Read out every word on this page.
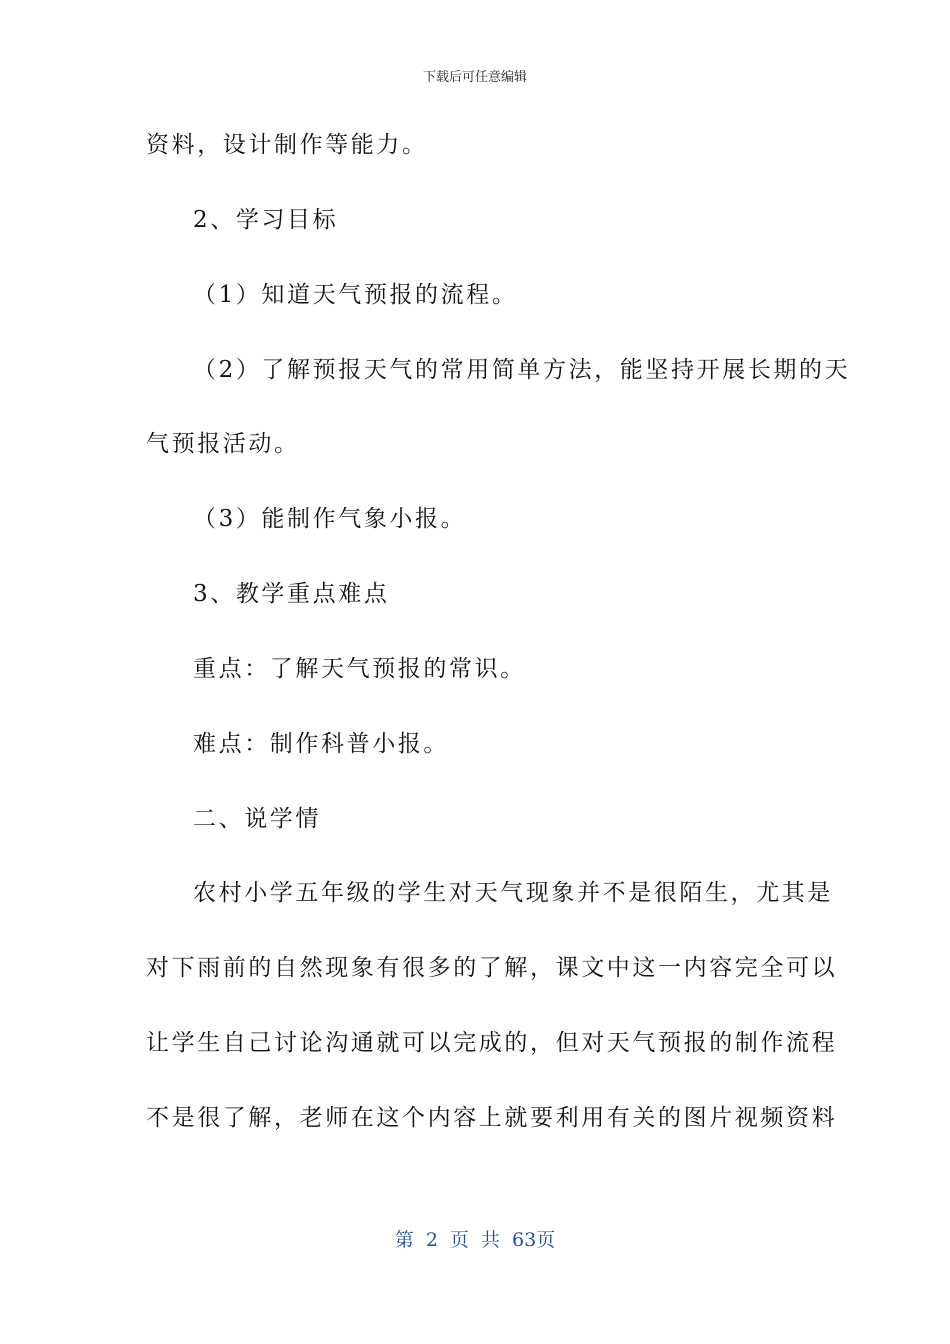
下载后可任意编辑
资料，设计制作等能力。
2、学习目标
（1）知道天气预报的流程。
（2）了解预报天气的常用简单方法，能坚持开展长期的天
气预报活动。
（3）能制作气象小报。
3、教学重点难点
重点：了解天气预报的常识。
难点：制作科普小报。
二、说学情
农村小学五年级的学生对天气现象并不是很陌生，尤其是
对下雨前的自然现象有很多的了解，课文中这一内容完全可以
让学生自己讨论沟通就可以完成的，但对天气预报的制作流程
不是很了解，老师在这个内容上就要利用有关的图片视频资料
第 2 页 共 63页
